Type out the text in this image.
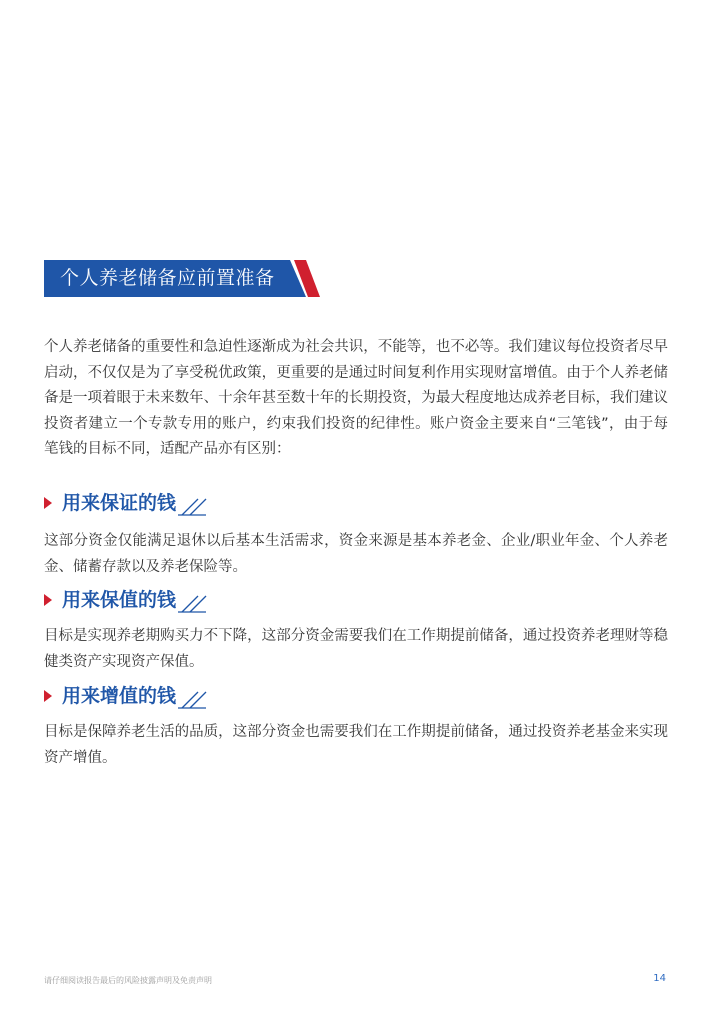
个人养老储备应前置准备

个人养老储备的重要性和急迫性逐渐成为社会共识，不能等，也不必等。我们建议每位投资者尽早启动，不仅仅是为了享受税优政策，更重要的是通过时间复利作用实现财富增值。由于个人养老储备是一项着眼于未来数年、十余年甚至数十年的长期投资，为最大程度地达成养老目标，我们建议投资者建立一个专款专用的账户，约束我们投资的纪律性。账户资金主要来自“三笔钱”，由于每笔钱的目标不同，适配产品亦有区别：

用来保证的钱

这部分资金仅能满足退休以后基本生活需求，资金来源是基本养老金、企业/职业年金、个人养老金、储蓄存款以及养老保险等。

用来保值的钱

目标是实现养老期购买力不下降，这部分资金需要我们在工作期提前储备，通过投资养老理财等稳健类资产实现资产保值。

用来增值的钱

目标是保障养老生活的品质，这部分资金也需要我们在工作期提前储备，通过投资养老基金来实现资产增值。

请仔细阅读报告最后的风险披露声明及免责声明	14
